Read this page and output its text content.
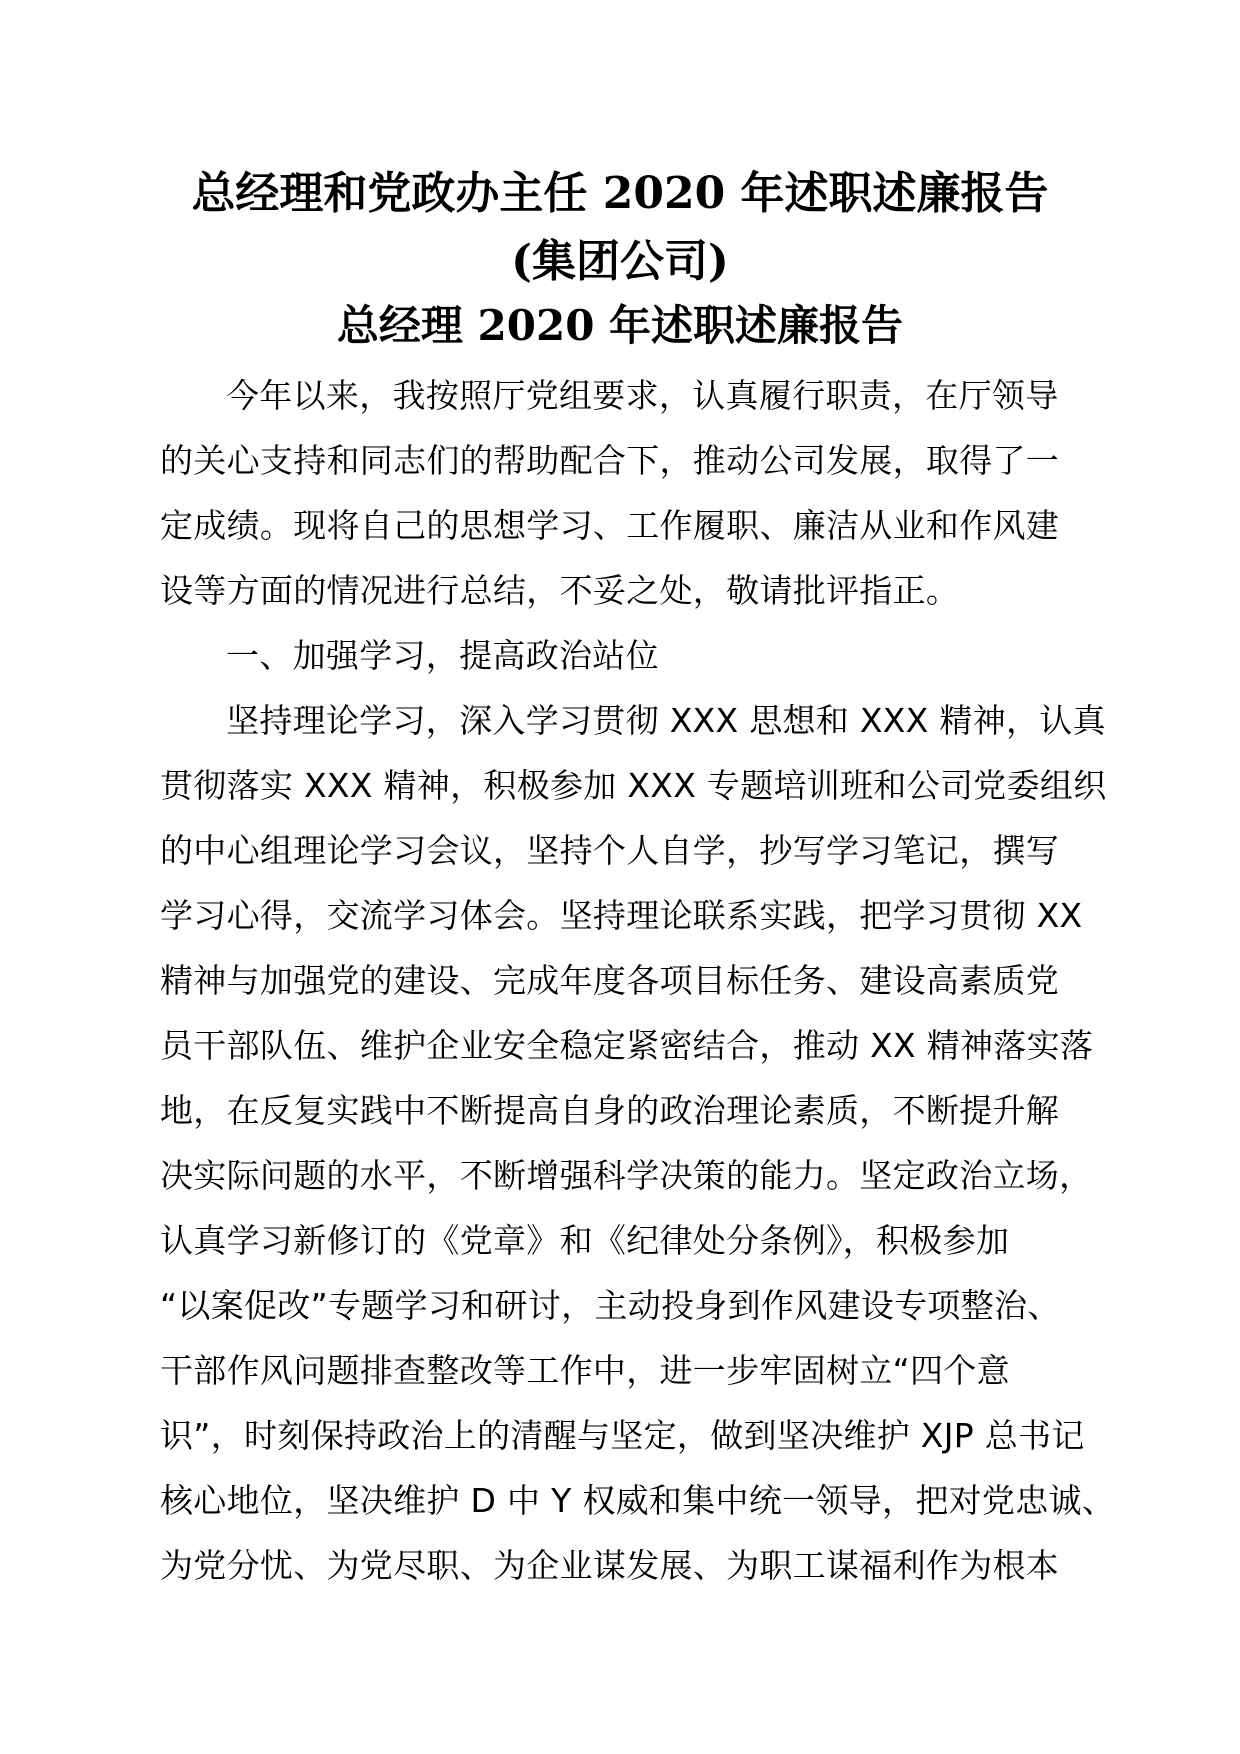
总经理和党政办主任 2020 年述职述廉报告
(集团公司)
总经理 2020 年述职述廉报告
今年以来，我按照厅党组要求，认真履行职责，在厅领导
的关心支持和同志们的帮助配合下，推动公司发展，取得了一
定成绩。现将自己的思想学习、工作履职、廉洁从业和作风建
设等方面的情况进行总结，不妥之处，敬请批评指正。
一、加强学习，提高政治站位
坚持理论学习，深入学习贯彻 XXX 思想和 XXX 精神，认真
贯彻落实 XXX 精神，积极参加 XXX 专题培训班和公司党委组织
的中心组理论学习会议，坚持个人自学，抄写学习笔记，撰写
学习心得，交流学习体会。坚持理论联系实践，把学习贯彻 XX
精神与加强党的建设、完成年度各项目标任务、建设高素质党
员干部队伍、维护企业安全稳定紧密结合，推动 XX 精神落实落
地，在反复实践中不断提高自身的政治理论素质，不断提升解
决实际问题的水平，不断增强科学决策的能力。坚定政治立场，
认真学习新修订的《党章》和《纪律处分条例》，积极参加
“以案促改”专题学习和研讨，主动投身到作风建设专项整治、
干部作风问题排查整改等工作中，进一步牢固树立“四个意
识”，时刻保持政治上的清醒与坚定，做到坚决维护 XJP 总书记
核心地位，坚决维护 D 中 Y 权威和集中统一领导，把对党忠诚、
为党分忧、为党尽职、为企业谋发展、为职工谋福利作为根本
